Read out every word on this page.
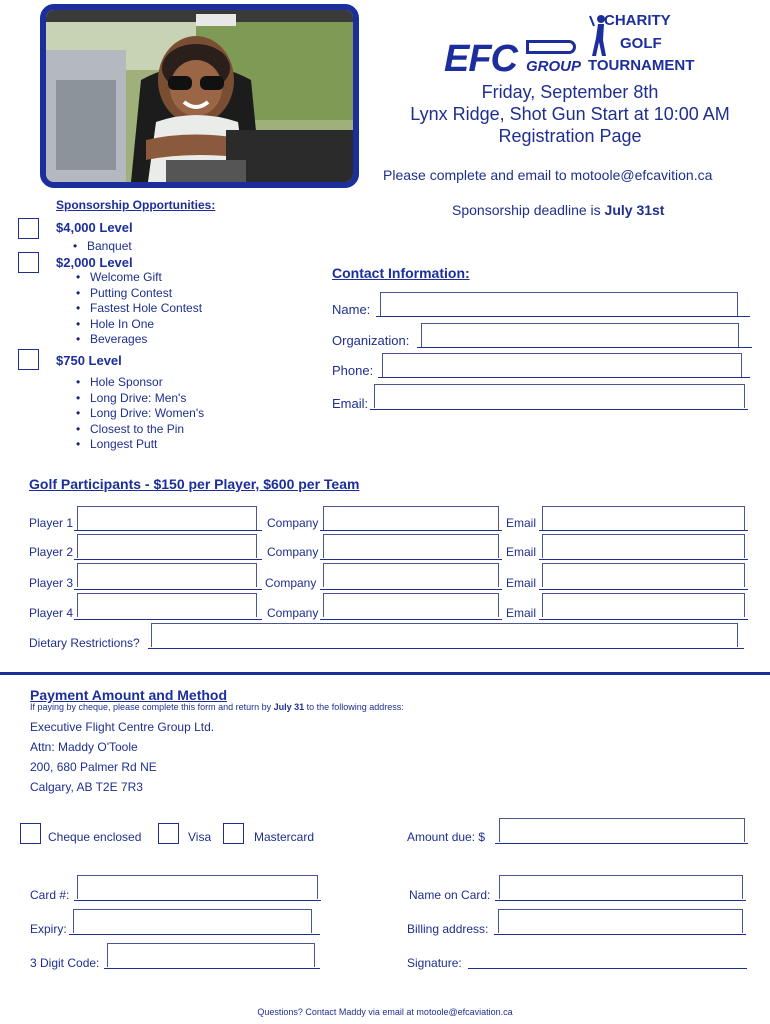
EFC GROUP
CHARITY
GOLF
TOURNAMENT
Friday, September 8th
Lynx Ridge, Shot Gun Start at 10:00 AM
Registration Page
Please complete and email to motoole@efcavition.ca
Sponsorship Opportunities:	Sponsorship deadline is July 31st
$4,000 Level
• Banquet
$2,000 Level
• Welcome Gift
• Putting Contest
• Fastest Hole Contest
• Hole In One
• Beverages
$750 Level
• Hole Sponsor
• Long Drive: Men's
• Long Drive: Women's
• Closest to the Pin
• Longest Putt
Contact Information:
Name:
Organization:
Phone:
Email:
Golf Participants - $150 per Player, $600 per Team
Player 1	Company	Email
Player 2	Company	Email
Player 3	Company	Email
Player 4	Company	Email
Dietary Restrictions?
Payment Amount and Method
If paying by cheque, please complete this form and return by July 31 to the following address:
Executive Flight Centre Group Ltd.
Attn: Maddy O'Toole
200, 680 Palmer Rd NE
Calgary, AB T2E 7R3
Cheque enclosed	Visa	Mastercard	Amount due: $
Card #:	Name on Card:
Expiry:	Billing address:
3 Digit Code:	Signature:
Questions? Contact Maddy via email at motoole@efcaviation.ca
